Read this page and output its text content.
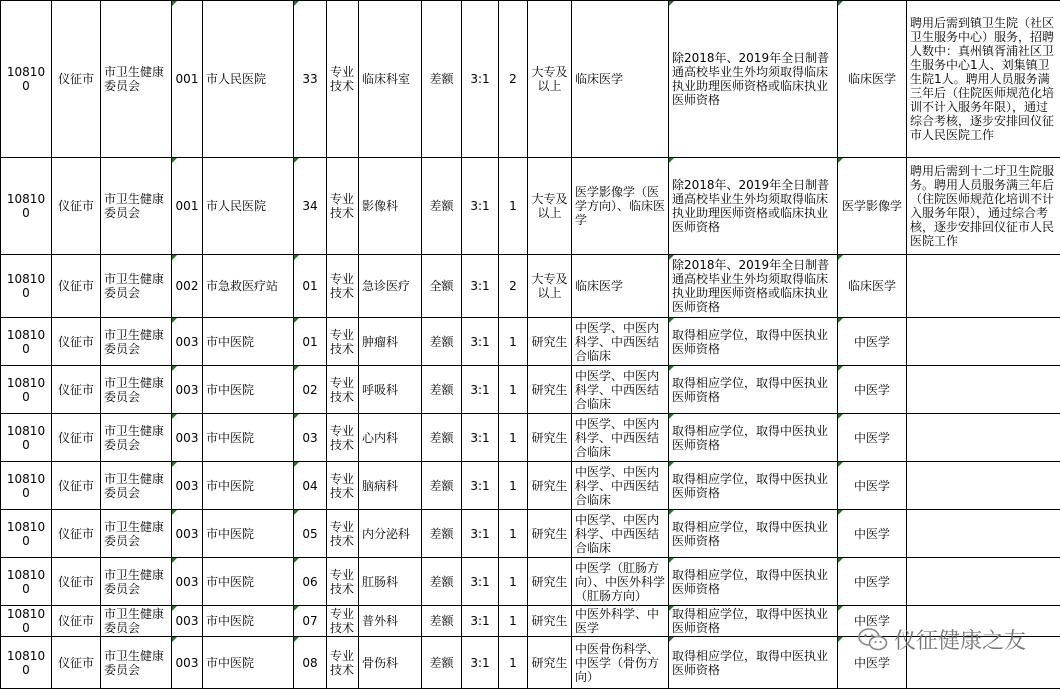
108100	仪征市	市卫生健康委员会	001	市人民医院	33	专业技术	临床科室	差额	3:1	2	大专及以上	临床医学	除2018年、2019年全日制普通高校毕业生外均须取得临床执业助理医师资格或临床执业医师资格	临床医学	聘用后需到镇卫生院（社区卫生服务中心）服务，招聘人数中：真州镇胥浦社区卫生服务中心1人、刘集镇卫生院1人。聘用人员服务满三年后（住院医师规范化培训不计入服务年限），通过综合考核，逐步安排回仪征市人民医院工作
108100	仪征市	市卫生健康委员会	001	市人民医院	34	专业技术	影像科	差额	3:1	1	大专及以上	医学影像学（医学方向）、临床医学	除2018年、2019年全日制普通高校毕业生外均须取得临床执业助理医师资格或临床执业医师资格	医学影像学	聘用后需到十二圩卫生院服务。聘用人员服务满三年后（住院医师规范化培训不计入服务年限），通过综合考核，逐步安排回仪征市人民医院工作
108100	仪征市	市卫生健康委员会	002	市急救医疗站	01	专业技术	急诊医疗	全额	3:1	2	大专及以上	临床医学	除2018年、2019年全日制普通高校毕业生外均须取得临床执业助理医师资格或临床执业医师资格	临床医学	
108100	仪征市	市卫生健康委员会	003	市中医院	01	专业技术	肿瘤科	差额	3:1	1	研究生	中医学、中医内科学、中西医结合临床	取得相应学位，取得中医执业医师资格	中医学	
108100	仪征市	市卫生健康委员会	003	市中医院	02	专业技术	呼吸科	差额	3:1	1	研究生	中医学、中医内科学、中西医结合临床	取得相应学位，取得中医执业医师资格	中医学	
108100	仪征市	市卫生健康委员会	003	市中医院	03	专业技术	心内科	差额	3:1	1	研究生	中医学、中医内科学、中西医结合临床	取得相应学位，取得中医执业医师资格	中医学	
108100	仪征市	市卫生健康委员会	003	市中医院	04	专业技术	脑病科	差额	3:1	1	研究生	中医学、中医内科学、中西医结合临床	取得相应学位，取得中医执业医师资格	中医学	
108100	仪征市	市卫生健康委员会	003	市中医院	05	专业技术	内分泌科	差额	3:1	1	研究生	中医学、中医内科学、中西医结合临床	取得相应学位，取得中医执业医师资格	中医学	
108100	仪征市	市卫生健康委员会	003	市中医院	06	专业技术	肛肠科	差额	3:1	1	研究生	中医学（肛肠方向）、中医外科学（肛肠方向）	取得相应学位，取得中医执业医师资格	中医学	
108100	仪征市	市卫生健康委员会	003	市中医院	07	专业技术	普外科	差额	3:1	1	研究生	中医外科学、中医学	取得相应学位，取得中医执业医师资格	中医学	
108100	仪征市	市卫生健康委员会	003	市中医院	08	专业技术	骨伤科	差额	3:1	1	研究生	中医骨伤科学、中医学（骨伤方向）	取得相应学位，取得中医执业医师资格	中医学	
仪征健康之友
